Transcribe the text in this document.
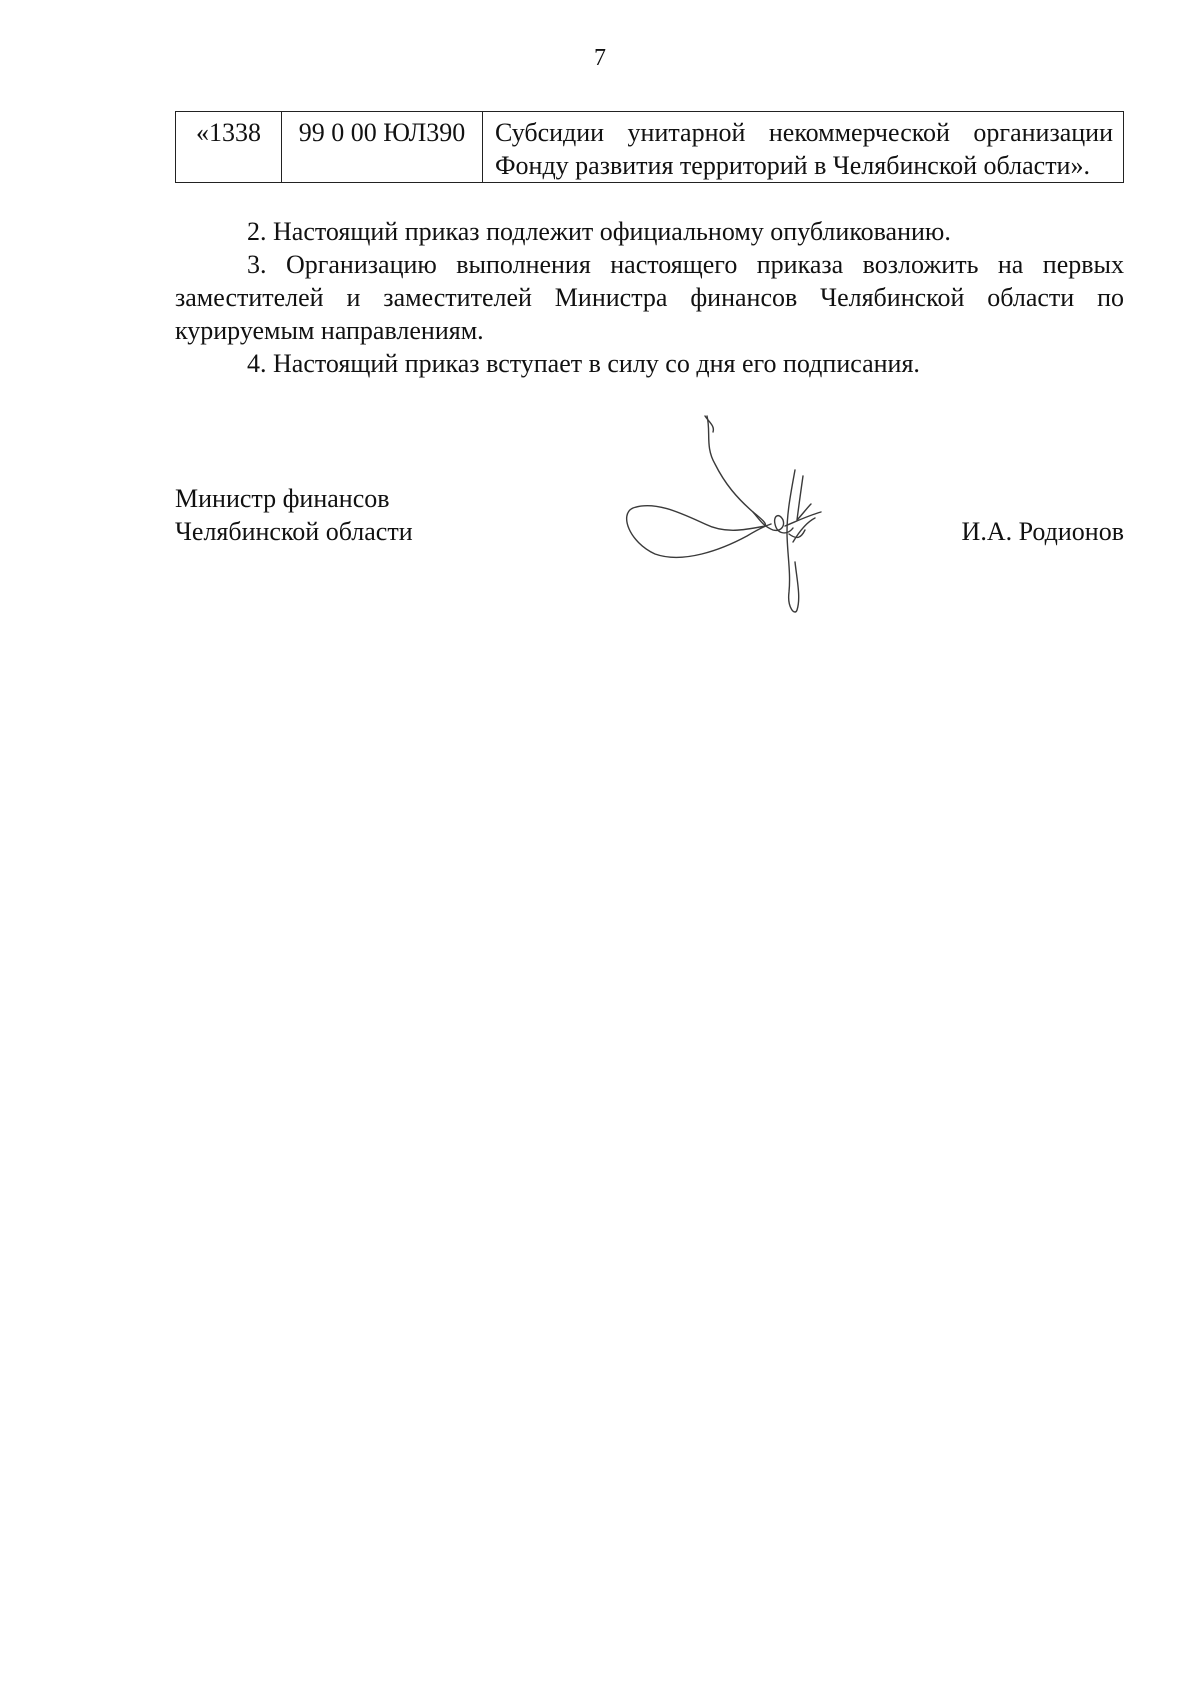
7
«1338	99 0 00 ЮЛ390	Субсидии унитарной некоммерческой организации Фонду развития территорий в Челябинской области».

2. Настоящий приказ подлежит официальному опубликованию.

3. Организацию выполнения настоящего приказа возложить на первых заместителей и заместителей Министра финансов Челябинской области по курируемым направлениям.

4. Настоящий приказ вступает в силу со дня его подписания.

Министр финансов
Челябинской области	И.А. Родионов
